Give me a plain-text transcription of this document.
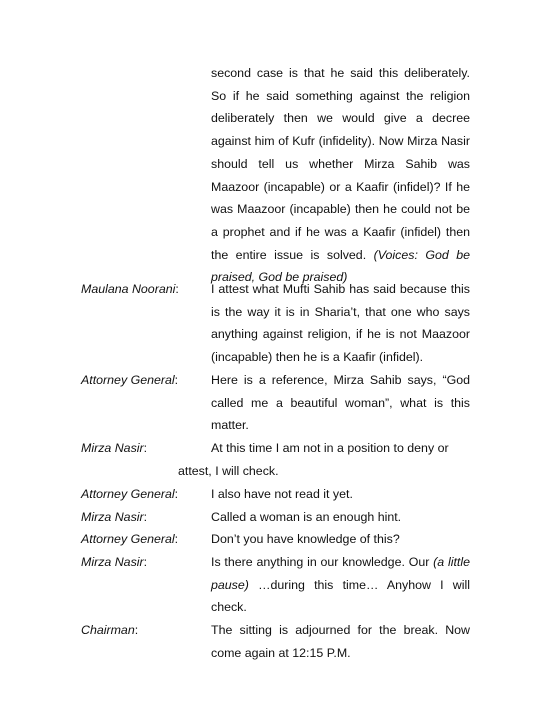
second case is that he said this deliberately. So if he said something against the religion deliberately then we would give a decree against him of Kufr (infidelity). Now Mirza Nasir should tell us whether Mirza Sahib was Maazoor (incapable) or a Kaafir (infidel)? If he was Maazoor (incapable) then he could not be a prophet and if he was a Kaafir (infidel) then the entire issue is solved. (Voices: God be praised, God be praised)

Maulana Noorani:	I attest what Mufti Sahib has said because this is the way it is in Sharia’t, that one who says anything against religion, if he is not Maazoor (incapable) then he is a Kaafir (infidel).
Attorney General:	Here is a reference, Mirza Sahib says, “God called me a beautiful woman”, what is this matter.
Mirza Nasir:	At this time I am not in a position to deny or
attest, I will check.
Attorney General:	I also have not read it yet.
Mirza Nasir:	Called a woman is an enough hint.
Attorney General:	Don’t you have knowledge of this?
Mirza Nasir:	Is there anything in our knowledge. Our (a little pause) …during this time… Anyhow I will check.
Chairman:	The sitting is adjourned for the break. Now come again at 12:15 P.M.
